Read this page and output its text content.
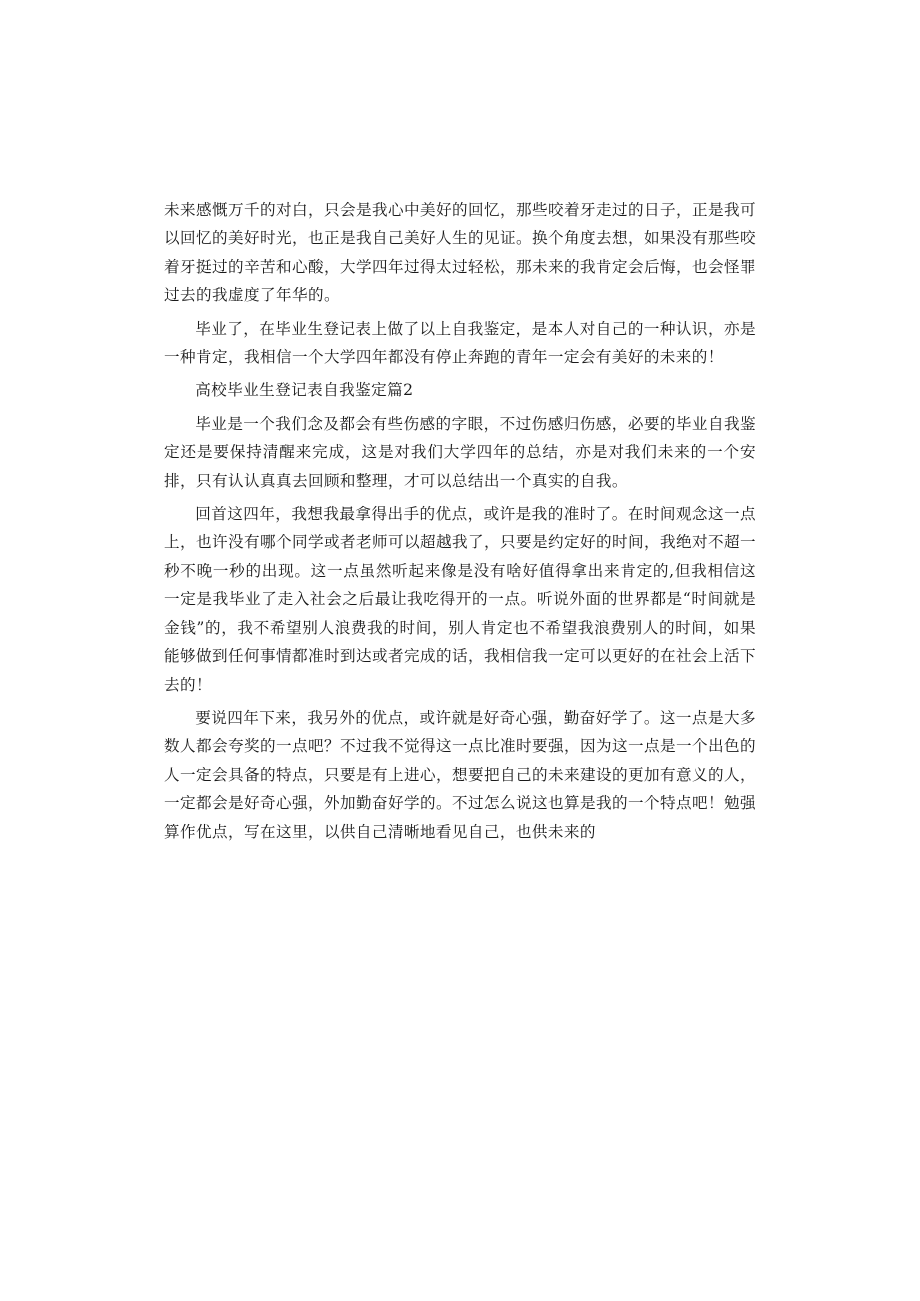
未来感慨万千的对白，只会是我心中美好的回忆，那些咬着牙走过的日子，正是我可以回忆的美好时光，也正是我自己美好人生的见证。换个角度去想，如果没有那些咬着牙挺过的辛苦和心酸，大学四年过得太过轻松，那未来的我肯定会后悔，也会怪罪过去的我虚度了年华的。

毕业了，在毕业生登记表上做了以上自我鉴定，是本人对自己的一种认识，亦是一种肯定，我相信一个大学四年都没有停止奔跑的青年一定会有美好的未来的！

高校毕业生登记表自我鉴定篇2

毕业是一个我们念及都会有些伤感的字眼，不过伤感归伤感，必要的毕业自我鉴定还是要保持清醒来完成，这是对我们大学四年的总结，亦是对我们未来的一个安排，只有认认真真去回顾和整理，才可以总结出一个真实的自我。

回首这四年，我想我最拿得出手的优点，或许是我的准时了。在时间观念这一点上，也许没有哪个同学或者老师可以超越我了，只要是约定好的时间，我绝对不超一秒不晚一秒的出现。这一点虽然听起来像是没有啥好值得拿出来肯定的,但我相信这一定是我毕业了走入社会之后最让我吃得开的一点。听说外面的世界都是“时间就是金钱”的，我不希望别人浪费我的时间，别人肯定也不希望我浪费别人的时间，如果能够做到任何事情都准时到达或者完成的话，我相信我一定可以更好的在社会上活下去的！

要说四年下来，我另外的优点，或许就是好奇心强，勤奋好学了。这一点是大多数人都会夸奖的一点吧？不过我不觉得这一点比准时要强，因为这一点是一个出色的人一定会具备的特点，只要是有上进心，想要把自己的未来建设的更加有意义的人，一定都会是好奇心强，外加勤奋好学的。不过怎么说这也算是我的一个特点吧！勉强算作优点，写在这里，以供自己清晰地看见自己，也供未来的
